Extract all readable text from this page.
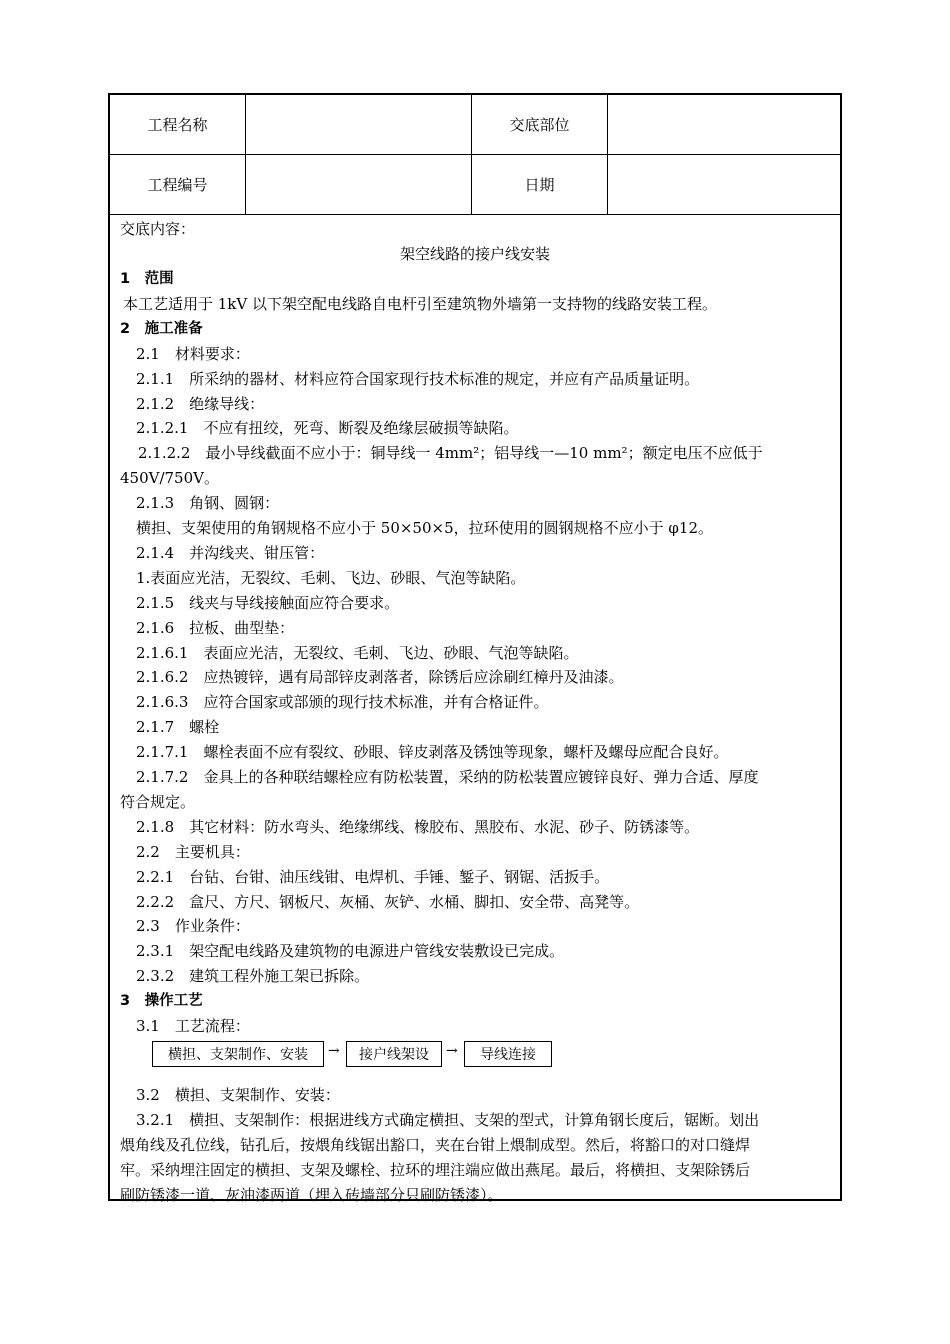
工程名称	交底部位
工程编号	日期
交底内容：
架空线路的接户线安装
1　范围
本工艺适用于 1kV 以下架空配电线路自电杆引至建筑物外墙第一支持物的线路安装工程。
2　施工准备
2.1　材料要求：
2.1.1　所采纳的器材、材料应符合国家现行技术标准的规定，并应有产品质量证明。
2.1.2　绝缘导线：
2.1.2.1　不应有扭绞，死弯、断裂及绝缘层破损等缺陷。
2.1.2.2　最小导线截面不应小于：铜导线一 4mm²；铝导线一—10 mm²；额定电压不应低于
450V/750V。
2.1.3　角钢、圆钢：
横担、支架使用的角钢规格不应小于 50×50×5，拉环使用的圆钢规格不应小于 φ12。
2.1.4　并沟线夹、钳压管：
1.表面应光洁，无裂纹、毛刺、飞边、砂眼、气泡等缺陷。
2.1.5　线夹与导线接触面应符合要求。
2.1.6　拉板、曲型垫：
2.1.6.1　表面应光洁，无裂纹、毛刺、飞边、砂眼、气泡等缺陷。
2.1.6.2　应热镀锌，遇有局部锌皮剥落者，除锈后应涂刷红樟丹及油漆。
2.1.6.3　应符合国家或部颁的现行技术标准，并有合格证件。
2.1.7　螺栓
2.1.7.1　螺栓表面不应有裂纹、砂眼、锌皮剥落及锈蚀等现象，螺杆及螺母应配合良好。
2.1.7.2　金具上的各种联结螺栓应有防松装置，采纳的防松装置应镀锌良好、弹力合适、厚度
符合规定。
2.1.8　其它材料：防水弯头、绝缘绑线、橡胶布、黑胶布、水泥、砂子、防锈漆等。
2.2　主要机具：
2.2.1　台钻、台钳、油压线钳、电焊机、手锤、錾子、钢锯、活扳手。
2.2.2　盒尺、方尺、钢板尺、灰桶、灰铲、水桶、脚扣、安全带、高凳等。
2.3　作业条件：
2.3.1　架空配电线路及建筑物的电源进户管线安装敷设已完成。
2.3.2　建筑工程外施工架已拆除。
3　操作工艺
3.1　工艺流程：
横担、支架制作、安装	→	接户线架设	→	导线连接
3.2　横担、支架制作、安装：
3.2.1　横担、支架制作：根据进线方式确定横担、支架的型式，计算角钢长度后，锯断。划出
煨角线及孔位线，钻孔后，按煨角线锯出豁口，夹在台钳上煨制成型。然后，将豁口的对口缝焊
牢。采纳埋注固定的横担、支架及螺栓、拉环的埋注端应做出燕尾。最后，将横担、支架除锈后
刷防锈漆一道、灰油漆两道（埋入砖墙部分只刷防锈漆）。
